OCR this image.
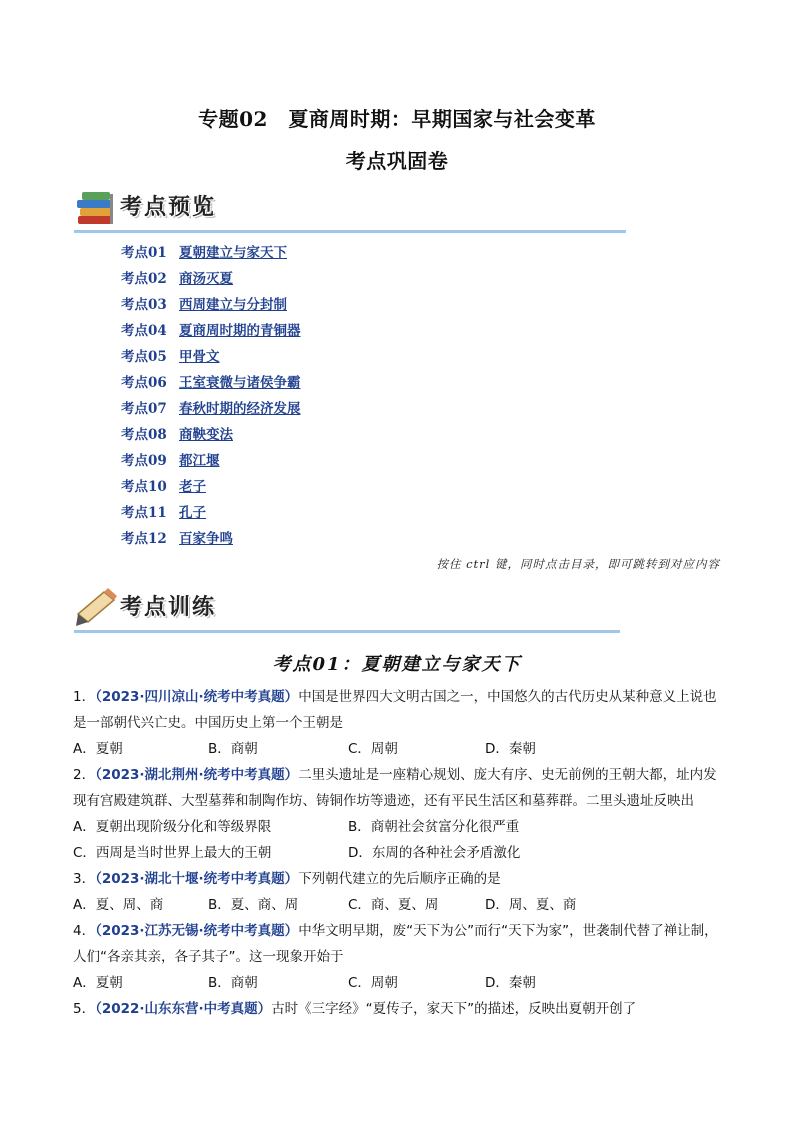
专题02　夏商周时期：早期国家与社会变革
考点巩固卷
考点预览
考点01 夏朝建立与家天下
考点02 商汤灭夏
考点03 西周建立与分封制
考点04 夏商周时期的青铜器
考点05 甲骨文
考点06 王室衰微与诸侯争霸
考点07 春秋时期的经济发展
考点08 商鞅变法
考点09 都江堰
考点10 老子
考点11 孔子
考点12 百家争鸣
按住 ctrl 键，同时点击目录，即可跳转到对应内容
考点训练
考点01：夏朝建立与家天下
1．（2023·四川凉山·统考中考真题）中国是世界四大文明古国之一，中国悠久的古代历史从某种意义上说也是一部朝代兴亡史。中国历史上第一个王朝是
A．夏朝	B．商朝	C．周朝	D．秦朝
2．（2023·湖北荆州·统考中考真题）二里头遗址是一座精心规划、庞大有序、史无前例的王朝大都，址内发现有宫殿建筑群、大型墓葬和制陶作坊、铸铜作坊等遗迹，还有平民生活区和墓葬群。二里头遗址反映出
A．夏朝出现阶级分化和等级界限	B．商朝社会贫富分化很严重
C．西周是当时世界上最大的王朝	D．东周的各种社会矛盾激化
3．（2023·湖北十堰·统考中考真题）下列朝代建立的先后顺序正确的是
A．夏、周、商	B．夏、商、周	C．商、夏、周	D．周、夏、商
4．（2023·江苏无锡·统考中考真题）中华文明早期，废“天下为公”而行“天下为家”，世袭制代替了禅让制，人们“各亲其亲，各子其子”。这一现象开始于
A．夏朝	B．商朝	C．周朝	D．秦朝
5．（2022·山东东营·中考真题）古时《三字经》“夏传子，家天下”的描述，反映出夏朝开创了
